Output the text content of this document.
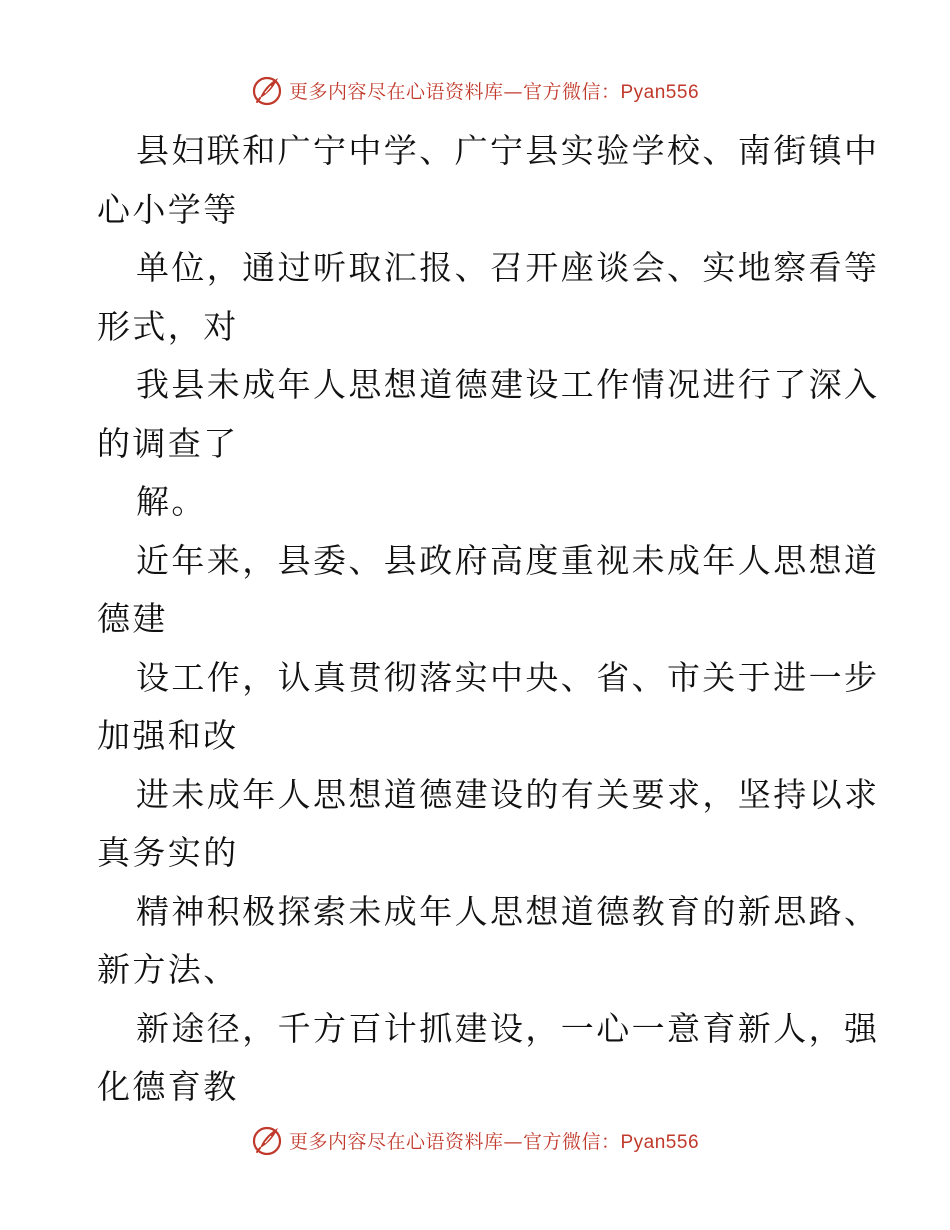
更多内容尽在心语资料库—官方微信：Pyan556
县妇联和广宁中学、广宁县实验学校、南街镇中
心小学等
单位，通过听取汇报、召开座谈会、实地察看等
形式，对
我县未成年人思想道德建设工作情况进行了深入
的调查了
解。
近年来，县委、县政府高度重视未成年人思想道
德建
设工作，认真贯彻落实中央、省、市关于进一步
加强和改
进未成年人思想道德建设的有关要求，坚持以求
真务实的
精神积极探索未成年人思想道德教育的新思路、
新方法、
新途径，千方百计抓建设，一心一意育新人，强
化德育教
更多内容尽在心语资料库—官方微信：Pyan556
